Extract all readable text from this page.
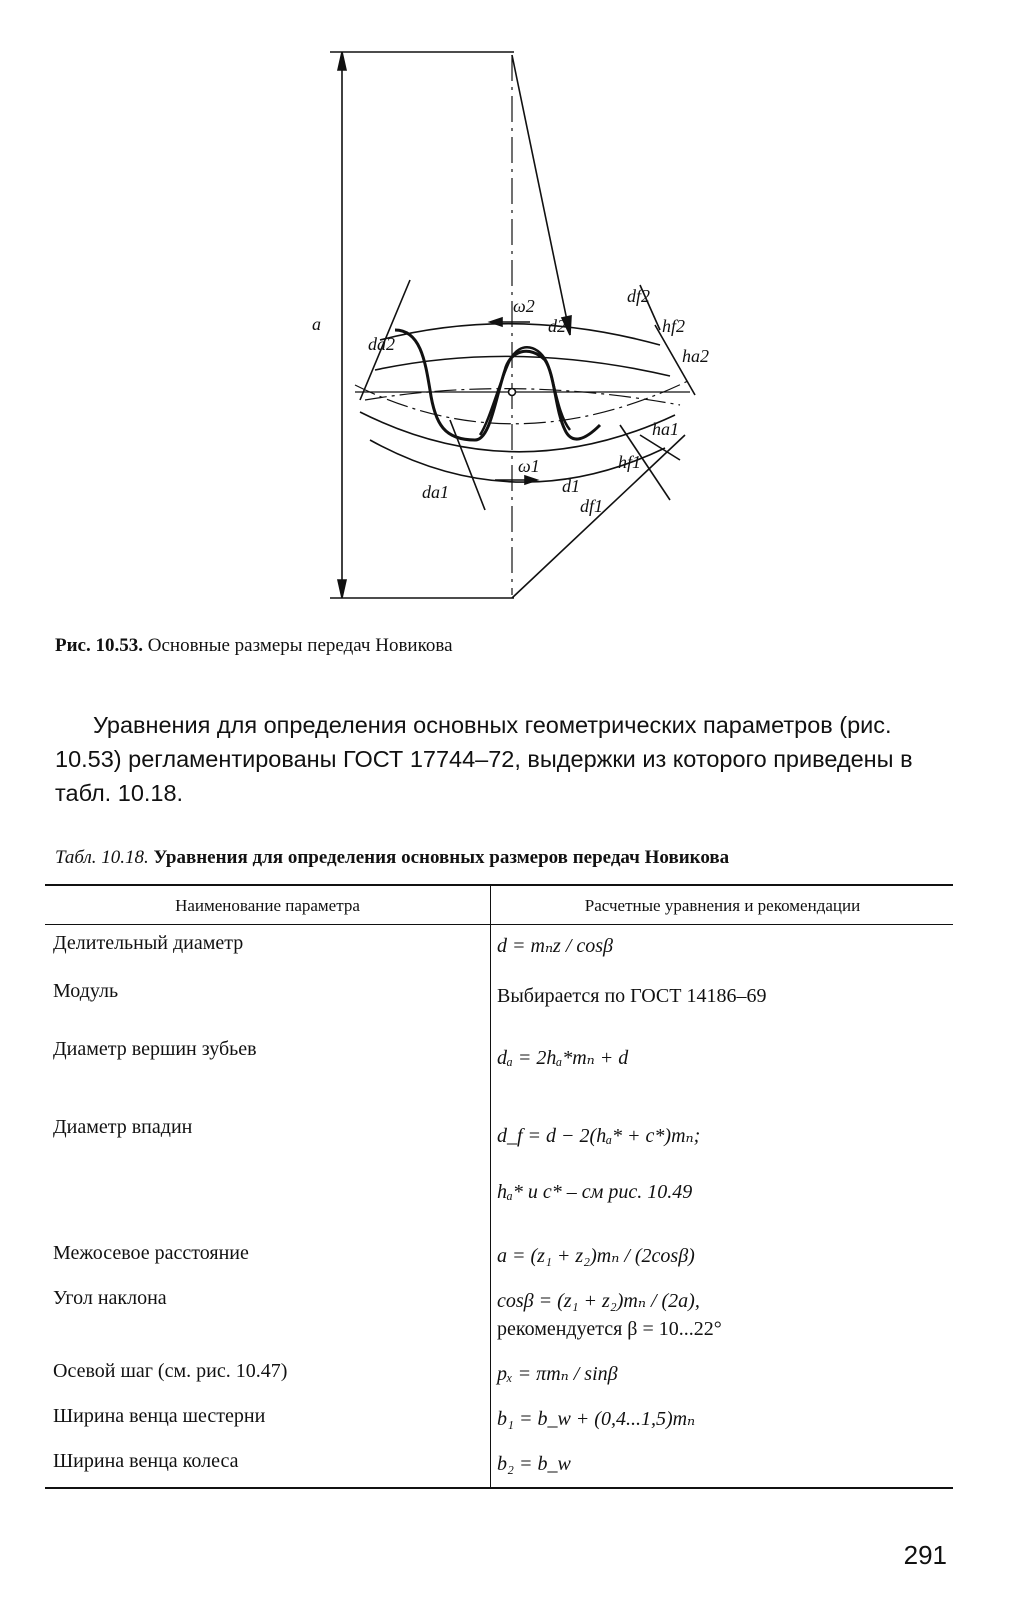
a
ω2
d2
da2
df2
hf2
ha2
ω1
da1	d1
df1
hf1
ha1
Рис. 10.53. Основные размеры передач Новикова

Уравнения для определения основных геометрических параметров (рис. 10.53) регламентированы ГОСТ 17744–72, выдержки из которого приведены в табл. 10.18.

Табл. 10.18. Уравнения для определения основных размеров передач Новикова
Наименование параметра	Расчетные уравнения и рекомендации
Делительный диаметр	d = mₙz / cosβ
Модуль	Выбирается по ГОСТ 14186–69
Диаметр вершин зубьев	dₐ = 2hₐ*mₙ + d
Диаметр впадин	d_f = d − 2(hₐ* + c*)mₙ;
hₐ* и c* – см рис. 10.49
Межосевое расстояние	a = (z₁ + z₂)mₙ / (2cosβ)
Угол наклона	cosβ = (z₁ + z₂)mₙ / (2a),
рекомендуется β = 10...22°
Осевой шаг (см. рис. 10.47)	pₓ = πmₙ / sinβ
Ширина венца шестерни	b₁ = b_w + (0,4...1,5)mₙ
Ширина венца колеса	b₂ = b_w
291
